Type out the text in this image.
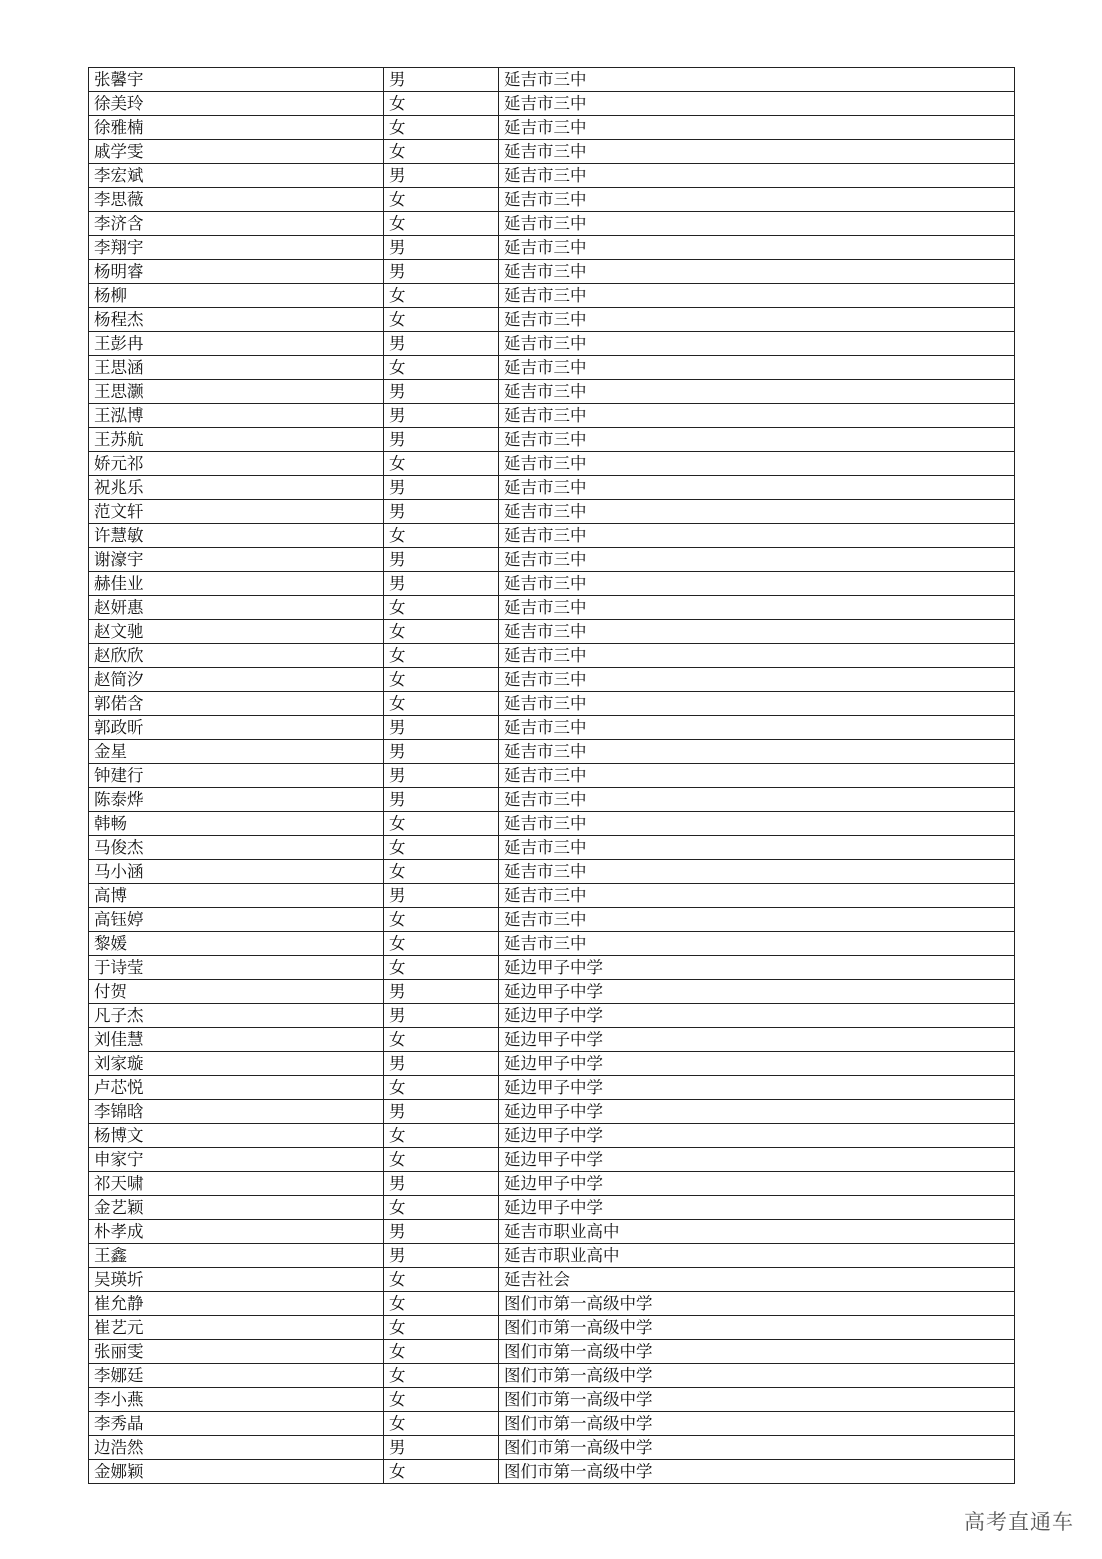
张馨宇	男	延吉市三中
徐美玲	女	延吉市三中
徐雅楠	女	延吉市三中
戚学雯	女	延吉市三中
李宏斌	男	延吉市三中
李思薇	女	延吉市三中
李济含	女	延吉市三中
李翔宇	男	延吉市三中
杨明睿	男	延吉市三中
杨柳	女	延吉市三中
杨程杰	女	延吉市三中
王彭冉	男	延吉市三中
王思涵	女	延吉市三中
王思灏	男	延吉市三中
王泓博	男	延吉市三中
王苏航	男	延吉市三中
娇元祁	女	延吉市三中
祝兆乐	男	延吉市三中
范文轩	男	延吉市三中
许慧敏	女	延吉市三中
谢濠宇	男	延吉市三中
赫佳业	男	延吉市三中
赵妍惠	女	延吉市三中
赵文驰	女	延吉市三中
赵欣欣	女	延吉市三中
赵简汐	女	延吉市三中
郭偌含	女	延吉市三中
郭政昕	男	延吉市三中
金星	男	延吉市三中
钟建行	男	延吉市三中
陈泰烨	男	延吉市三中
韩畅	女	延吉市三中
马俊杰	女	延吉市三中
马小涵	女	延吉市三中
高博	男	延吉市三中
高钰婷	女	延吉市三中
黎媛	女	延吉市三中
于诗莹	女	延边甲子中学
付贺	男	延边甲子中学
凡子杰	男	延边甲子中学
刘佳慧	女	延边甲子中学
刘家璇	男	延边甲子中学
卢芯悦	女	延边甲子中学
李锦晗	男	延边甲子中学
杨博文	女	延边甲子中学
申家宁	女	延边甲子中学
祁天啸	男	延边甲子中学
金艺颖	女	延边甲子中学
朴孝成	男	延吉市职业高中
王鑫	男	延吉市职业高中
吴瑛圻	女	延吉社会
崔允静	女	图们市第一高级中学
崔艺元	女	图们市第一高级中学
张丽雯	女	图们市第一高级中学
李娜廷	女	图们市第一高级中学
李小燕	女	图们市第一高级中学
李秀晶	女	图们市第一高级中学
边浩然	男	图们市第一高级中学
金娜颖	女	图们市第一高级中学
高考直通车
